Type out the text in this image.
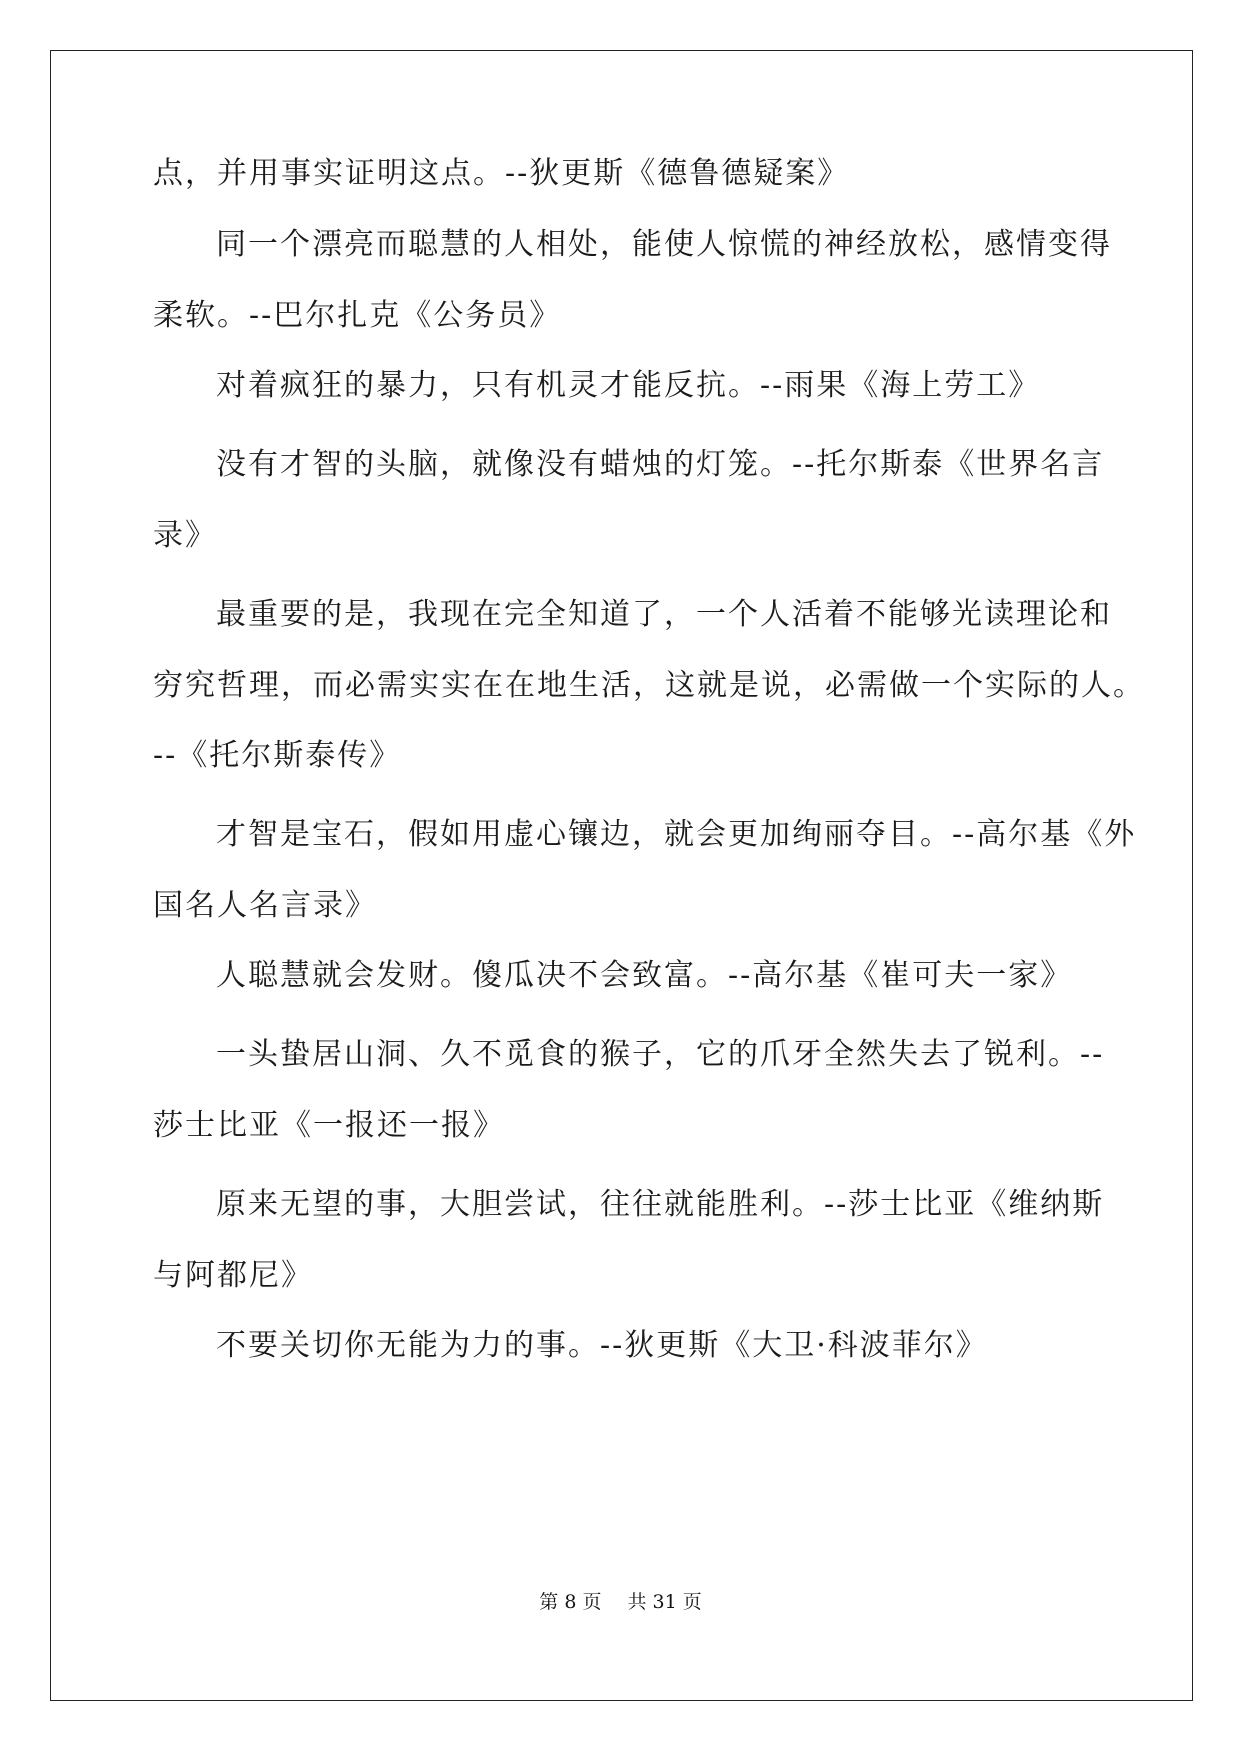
点，并用事实证明这点。--狄更斯《德鲁德疑案》
同一个漂亮而聪慧的人相处，能使人惊慌的神经放松，感情变得
柔软。--巴尔扎克《公务员》
对着疯狂的暴力，只有机灵才能反抗。--雨果《海上劳工》
没有才智的头脑，就像没有蜡烛的灯笼。--托尔斯泰《世界名言
录》
最重要的是，我现在完全知道了，一个人活着不能够光读理论和
穷究哲理，而必需实实在在地生活，这就是说，必需做一个实际的人。
--《托尔斯泰传》
才智是宝石，假如用虚心镶边，就会更加绚丽夺目。--高尔基《外
国名人名言录》
人聪慧就会发财。傻瓜决不会致富。--高尔基《崔可夫一家》
一头蛰居山洞、久不觅食的猴子，它的爪牙全然失去了锐利。--
莎士比亚《一报还一报》
原来无望的事，大胆尝试，往往就能胜利。--莎士比亚《维纳斯
与阿都尼》
不要关切你无能为力的事。--狄更斯《大卫·科波菲尔》
第 8 页 共 31 页
